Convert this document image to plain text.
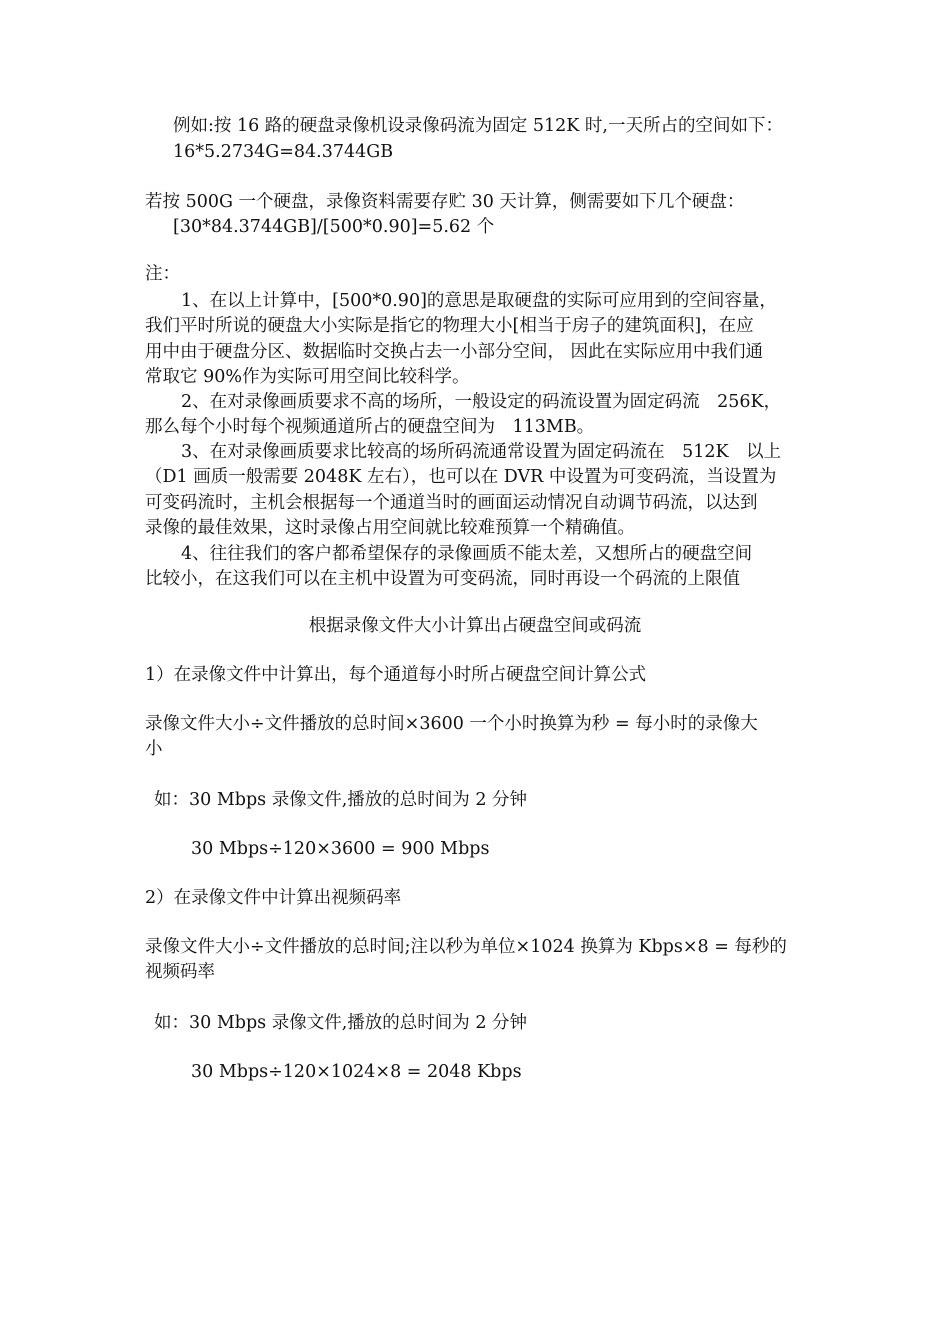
例如:按 16 路的硬盘录像机设录像码流为固定 512K 时,一天所占的空间如下：
16*5.2734G=84.3744GB
若按 500G 一个硬盘，录像资料需要存贮 30 天计算，侧需要如下几个硬盘：
[30*84.3744GB]/[500*0.90]=5.62 个
注：
1、在以上计算中，[500*0.90]的意思是取硬盘的实际可应用到的空间容量，
我们平时所说的硬盘大小实际是指它的物理大小[相当于房子的建筑面积]，在应
用中由于硬盘分区、数据临时交换占去一小部分空间， 因此在实际应用中我们通
常取它 90%作为实际可用空间比较科学。
2、在对录像画质要求不高的场所，一般设定的码流设置为固定码流　256K，
那么每个小时每个视频通道所占的硬盘空间为　113MB。
3、在对录像画质要求比较高的场所码流通常设置为固定码流在　512K　以上
（D1 画质一般需要 2048K 左右），也可以在 DVR 中设置为可变码流，当设置为
可变码流时，主机会根据每一个通道当时的画面运动情况自动调节码流，以达到
录像的最佳效果，这时录像占用空间就比较难预算一个精确值。
4、往往我们的客户都希望保存的录像画质不能太差，又想所占的硬盘空间
比较小，在这我们可以在主机中设置为可变码流，同时再设一个码流的上限值
根据录像文件大小计算出占硬盘空间或码流
1）在录像文件中计算出，每个通道每小时所占硬盘空间计算公式
录像文件大小÷文件播放的总时间×3600 一个小时换算为秒 = 每小时的录像大
小
如：30 Mbps 录像文件,播放的总时间为 2 分钟
30 Mbps÷120×3600 = 900 Mbps
2）在录像文件中计算出视频码率
录像文件大小÷文件播放的总时间;注以秒为单位×1024 换算为 Kbps×8 = 每秒的
视频码率
如：30 Mbps 录像文件,播放的总时间为 2 分钟
30 Mbps÷120×1024×8 = 2048 Kbps
